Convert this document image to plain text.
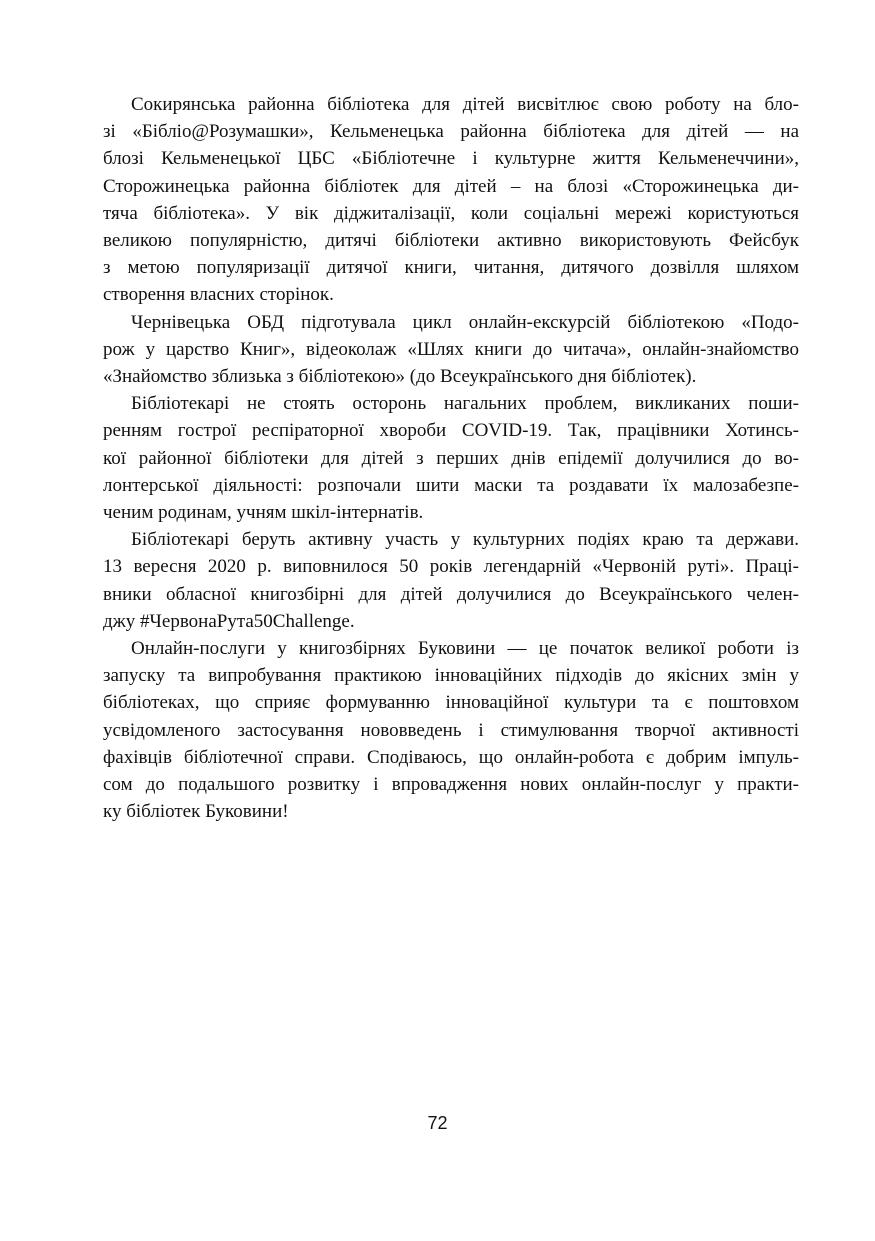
Сокирянська районна бібліотека для дітей висвітлює свою роботу на бло-
зі «Бібліо@Розумашки», Кельменецька районна бібліотека для дітей — на
блозі Кельменецької ЦБС «Бібліотечне і культурне життя Кельменеччини»,
Сторожинецька районна бібліотек для дітей – на блозі «Сторожинецька ди-
тяча бібліотека». У вік діджиталізації, коли соціальні мережі користуються
великою популярністю, дитячі бібліотеки активно використовують Фейсбук
з метою популяризації дитячої книги, читання, дитячого дозвілля шляхом
створення власних сторінок.

Чернівецька ОБД підготувала цикл онлайн-екскурсій бібліотекою «Подо-
рож у царство Книг», відеоколаж «Шлях книги до читача», онлайн-знайомство
«Знайомство зблизька з бібліотекою» (до Всеукраїнського дня бібліотек).

Бібліотекарі не стоять осторонь нагальних проблем, викликаних поши-
ренням гострої респіраторної хвороби COVID-19. Так, працівники Хотинсь-
кої районної бібліотеки для дітей з перших днів епідемії долучилися до во-
лонтерської діяльності: розпочали шити маски та роздавати їх малозабезпе-
ченим родинам, учням шкіл-інтернатів.

Бібліотекарі беруть активну участь у культурних подіях краю та держави.
13 вересня 2020 р. виповнилося 50 років легендарній «Червоній руті». Праці-
вники обласної книгозбірні для дітей долучилися до Всеукраїнського челен-
джу #ЧервонаРута50Challenge.

Онлайн-послуги у книгозбірнях Буковини — це початок великої роботи із
запуску та випробування практикою інноваційних підходів до якісних змін у
бібліотеках, що сприяє формуванню інноваційної культури та є поштовхом
усвідомленого застосування нововведень і стимулювання творчої активності
фахівців бібліотечної справи. Сподіваюсь, що онлайн-робота є добрим імпуль-
сом до подальшого розвитку і впровадження нових онлайн-послуг у практи-
ку бібліотек Буковини!

72
